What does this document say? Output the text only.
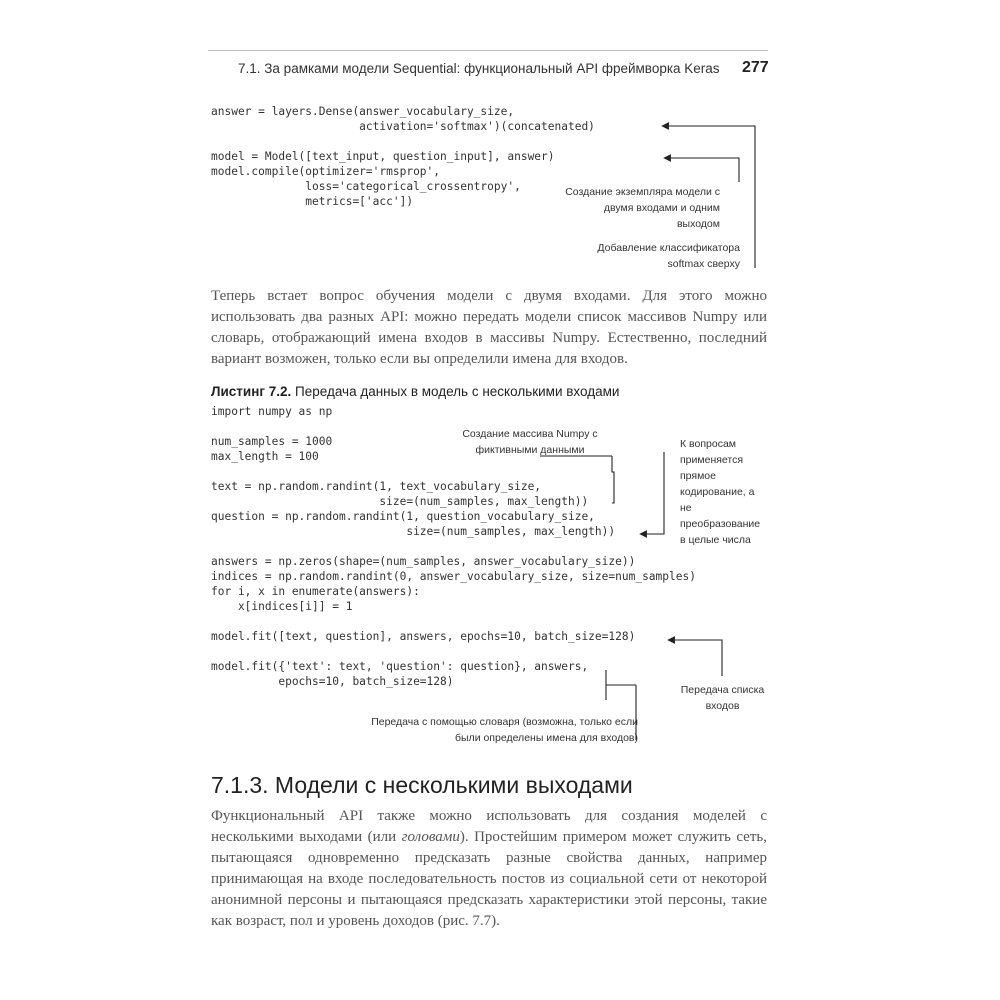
7.1. За рамками модели Sequential: функциональный API фреймворка Keras 277
answer = layers.Dense(answer_vocabulary_size,
activation='softmax')(concatenated)
model = Model([text_input, question_input], answer)
model.compile(optimizer='rmsprop',
loss='categorical_crossentropy',
metrics=['acc'])
Создание экземпляра модели с двумя входами и одним выходом
Добавление классификатора softmax сверху

Теперь встает вопрос обучения модели с двумя входами. Для этого можно использовать два разных API: можно передать модели список массивов Numpy или словарь, отображающий имена входов в массивы Numpy. Естественно, последний вариант возможен, только если вы определили имена для входов.

Листинг 7.2. Передача данных в модель с несколькими входами
import numpy as np
num_samples = 1000
max_length = 100
text = np.random.randint(1, text_vocabulary_size,
size=(num_samples, max_length))
question = np.random.randint(1, question_vocabulary_size,
size=(num_samples, max_length))
answers = np.zeros(shape=(num_samples, answer_vocabulary_size))
indices = np.random.randint(0, answer_vocabulary_size, size=num_samples)
for i, x in enumerate(answers):
x[indices[i]] = 1
model.fit([text, question], answers, epochs=10, batch_size=128)
model.fit({'text': text, 'question': question}, answers,
epochs=10, batch_size=128)
Создание массива Numpy с фиктивными данными	К вопросам применяется прямое кодирование, а не преобразование в целые числа
Передача списка входов
Передача с помощью словаря (возможна, только если были определены имена для входов)
7.1.3. Модели с несколькими выходами

Функциональный API также можно использовать для создания моделей с несколькими выходами (или головами). Простейшим примером может служить сеть, пытающаяся одновременно предсказать разные свойства данных, например принимающая на входе последовательность постов из социальной сети от некоторой анонимной персоны и пытающаяся предсказать характеристики этой персоны, такие как возраст, пол и уровень доходов (рис. 7.7).
